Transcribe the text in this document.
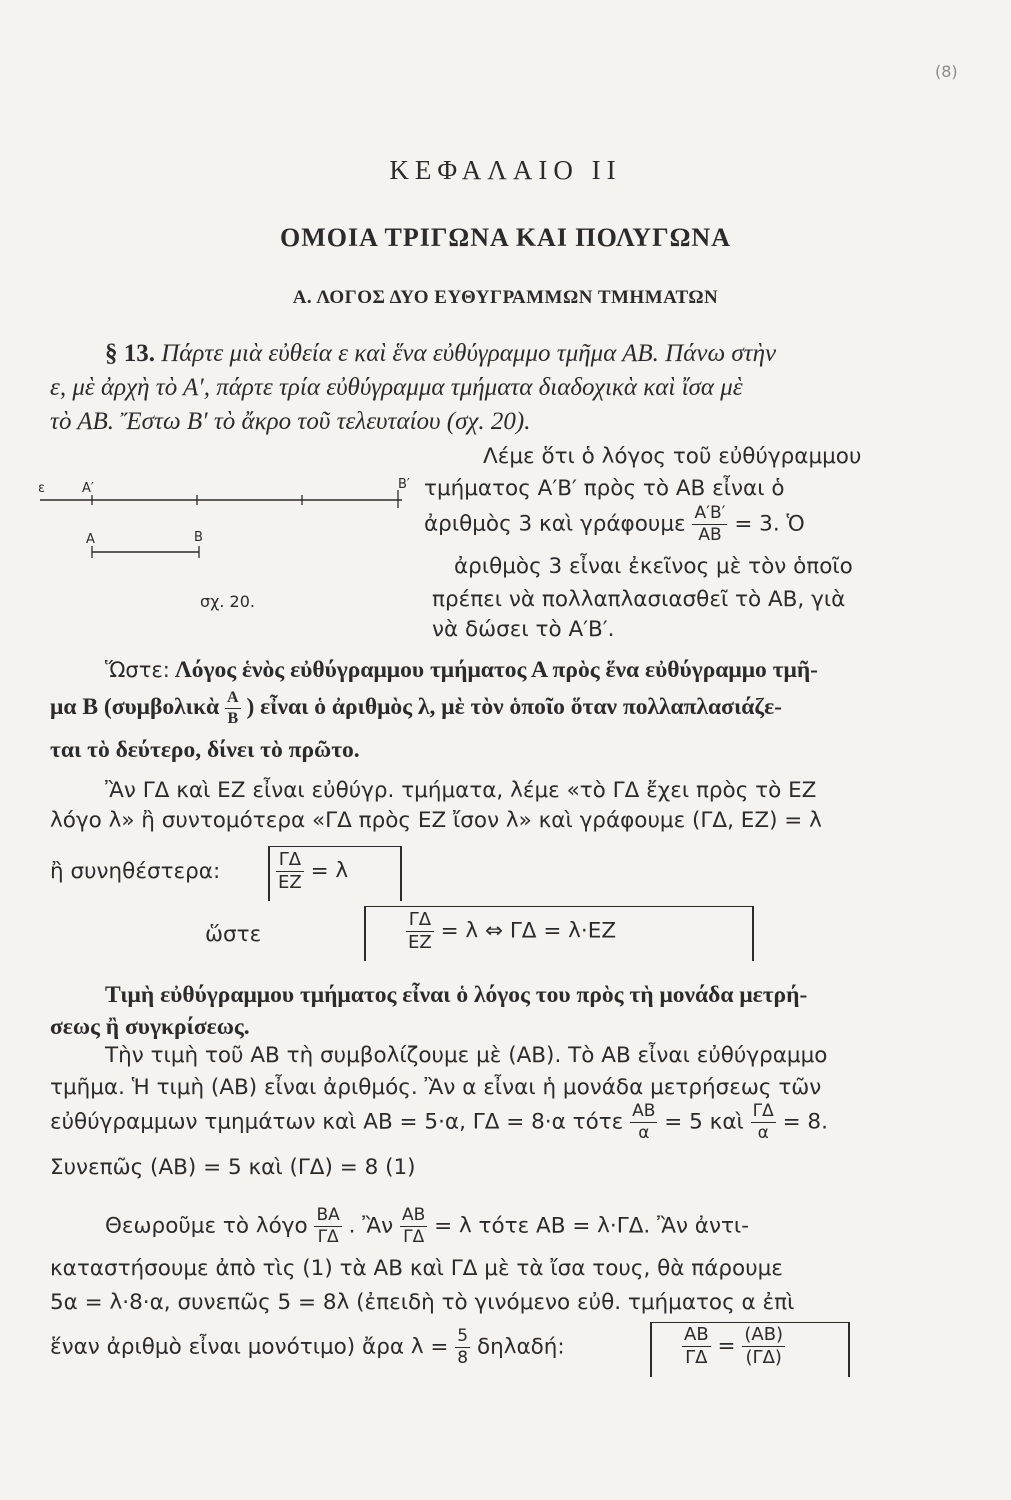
(8)
ΚΕΦΑΛΑΙΟ ΙΙ
ΟΜΟΙΑ ΤΡΙΓΩΝΑ ΚΑΙ ΠΟΛΥΓΩΝΑ
Α. ΛΟΓΟΣ ΔΥΟ ΕΥΘΥΓΡΑΜΜΩΝ ΤΜΗΜΑΤΩΝ
§ 13. Πάρτε μιὰ εὐθεία ε καὶ ἕνα εὐθύγραμμο τμῆμα ΑΒ. Πάνω στὴν
ε, μὲ ἀρχὴ τὸ Α′, πάρτε τρία εὐθύγραμμα τμήματα διαδοχικὰ καὶ ἴσα μὲ
τὸ ΑΒ. Ἔστω Β′ τὸ ἄκρο τοῦ τελευταίου (σχ. 20).
ε	Α′	Β′
Α	Β
σχ. 20.
Λέμε ὅτι ὁ λόγος τοῦ εὐθύγραμμου
τμήματος Α′Β′ πρὸς τὸ ΑΒ εἶναι ὁ
ἀριθμὸς 3 καὶ γράφουμε $\frac{A'B'}{AB} = 3$. Ὁ
ἀριθμὸς 3 εἶναι ἐκεῖνος μὲ τὸν ὁποῖο
πρέπει νὰ πολλαπλασιασθεῖ τὸ ΑΒ, γιὰ
νὰ δώσει τὸ Α′Β′.
Ὥστε: Λόγος ἑνὸς εὐθύγραμμου τμήματος Α πρὸς ἕνα εὐθύγραμμο τμῆ-
μα Β (συμβολικὰ $\frac{A}{B}$ ) εἶναι ὁ ἀριθμὸς λ, μὲ τὸν ὁποῖο ὅταν πολλαπλασιάζε-
ται τὸ δεύτερο, δίνει τὸ πρῶτο.
Ἂν ΓΔ καὶ ΕΖ εἶναι εὐθύγρ. τμήματα, λέμε «τὸ ΓΔ ἔχει πρὸς τὸ ΕΖ
λόγο λ» ἢ συντομότερα «ΓΔ πρὸς ΕΖ ἴσον λ» καὶ γράφουμε (ΓΔ, ΕΖ) = λ
ἢ συνηθέστερα:	$\frac{\Gamma\Delta}{EZ} = \lambda$
ὥστε	$\frac{\Gamma\Delta}{EZ} = \lambda$ ⇔ ΓΔ = λ·ΕΖ
Τιμὴ εὐθύγραμμου τμήματος εἶναι ὁ λόγος του πρὸς τὴ μονάδα μετρή-
σεως ἢ συγκρίσεως.
Τὴν τιμὴ τοῦ ΑΒ τὴ συμβολίζουμε μὲ (ΑΒ). Τὸ ΑΒ εἶναι εὐθύγραμμο
τμῆμα. Ἡ τιμὴ (ΑΒ) εἶναι ἀριθμός. Ἂν α εἶναι ἡ μονάδα μετρήσεως τῶν
εὐθύγραμμων τμημάτων καὶ ΑΒ = 5·α, ΓΔ = 8·α τότε $\frac{AB}{\alpha} = 5$ καὶ $\frac{\Gamma\Delta}{\alpha} = 8$.
Συνεπῶς (ΑΒ) = 5 καὶ (ΓΔ) = 8 (1)
Θεωροῦμε τὸ λόγο $\frac{BA}{\Gamma\Delta}$ . Ἂν $\frac{AB}{\Gamma\Delta} = \lambda$ τότε ΑΒ = λ·ΓΔ. Ἂν ἀντι-
καταστήσουμε ἀπὸ τὶς (1) τὰ ΑΒ καὶ ΓΔ μὲ τὰ ἴσα τους, θὰ πάρουμε
5α = λ·8·α, συνεπῶς 5 = 8λ (ἐπειδὴ τὸ γινόμενο εὐθ. τμήματος α ἐπὶ
ἕναν ἀριθμὸ εἶναι μονότιμο) ἄρα $\lambda = \frac{5}{8} \delta\eta\lambda\alpha\delta ή$:	$\frac{AB}{\Gamma\Delta} = \frac{(AB)}{(\Gamma\Delta)}$
